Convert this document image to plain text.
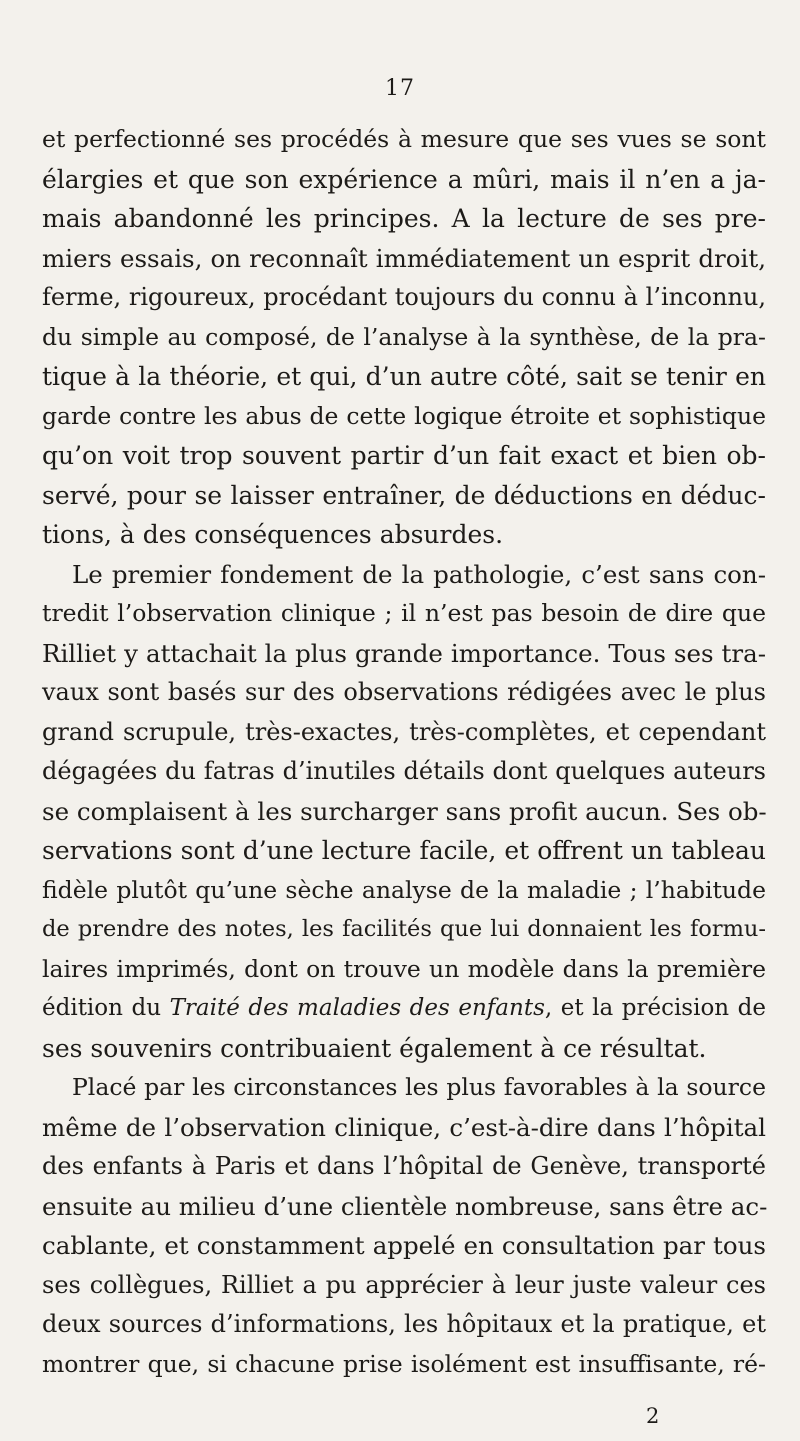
17
et perfectionné ses procédés à mesure que ses vues se sont
élargies et que son expérience a mûri, mais il n’en a ja-
mais abandonné les principes. A la lecture de ses pre-
miers essais, on reconnaît immédiatement un esprit droit,
ferme, rigoureux, procédant toujours du connu à l’inconnu,
du simple au composé, de l’analyse à la synthèse, de la pra-
tique à la théorie, et qui, d’un autre côté, sait se tenir en
garde contre les abus de cette logique étroite et sophistique
qu’on voit trop souvent partir d’un fait exact et bien ob-
servé, pour se laisser entraîner, de déductions en déduc-
tions, à des conséquences absurdes.
Le premier fondement de la pathologie, c’est sans con-
tredit l’observation clinique ; il n’est pas besoin de dire que
Rilliet y attachait la plus grande importance. Tous ses tra-
vaux sont basés sur des observations rédigées avec le plus
grand scrupule, très-exactes, très-complètes, et cependant
dégagées du fatras d’inutiles détails dont quelques auteurs
se complaisent à les surcharger sans profit aucun. Ses ob-
servations sont d’une lecture facile, et offrent un tableau
fidèle plutôt qu’une sèche analyse de la maladie ; l’habitude
de prendre des notes, les facilités que lui donnaient les formu-
laires imprimés, dont on trouve un modèle dans la première
édition du Traité des maladies des enfants, et la précision de
ses souvenirs contribuaient également à ce résultat.
Placé par les circonstances les plus favorables à la source
même de l’observation clinique, c’est-à-dire dans l’hôpital
des enfants à Paris et dans l’hôpital de Genève, transporté
ensuite au milieu d’une clientèle nombreuse, sans être ac-
cablante, et constamment appelé en consultation par tous
ses collègues, Rilliet a pu apprécier à leur juste valeur ces
deux sources d’informations, les hôpitaux et la pratique, et
montrer que, si chacune prise isolément est insuffisante, ré-
2
